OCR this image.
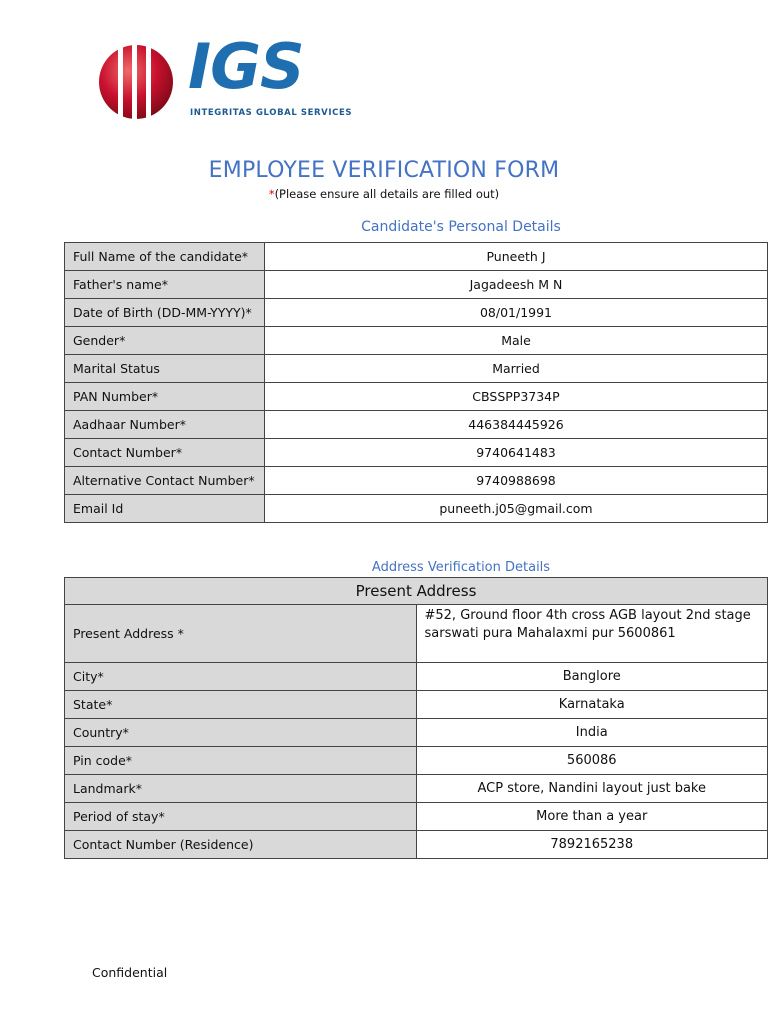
IGS
INTEGRITAS GLOBAL SERVICES
EMPLOYEE VERIFICATION FORM
*(Please ensure all details are filled out)
Candidate's Personal Details
Full Name of the candidate*	Puneeth J
Father's name*	Jagadeesh M N
Date of Birth (DD-MM-YYYY)*	08/01/1991
Gender*	Male
Marital Status	Married
PAN Number*	CBSSPP3734P
Aadhaar Number*	446384445926
Contact Number*	9740641483
Alternative Contact Number*	9740988698
Email Id	puneeth.j05@gmail.com
Address Verification Details
Present Address	
Present Address *	#52, Ground floor 4th cross AGB layout 2nd stage sarswati pura Mahalaxmi pur 5600861
City*	Banglore
State*	Karnataka
Country*	India
Pin code*	560086
Landmark*	ACP store, Nandini layout just bake
Period of stay*	More than a year
Contact Number (Residence)	7892165238
Confidential
